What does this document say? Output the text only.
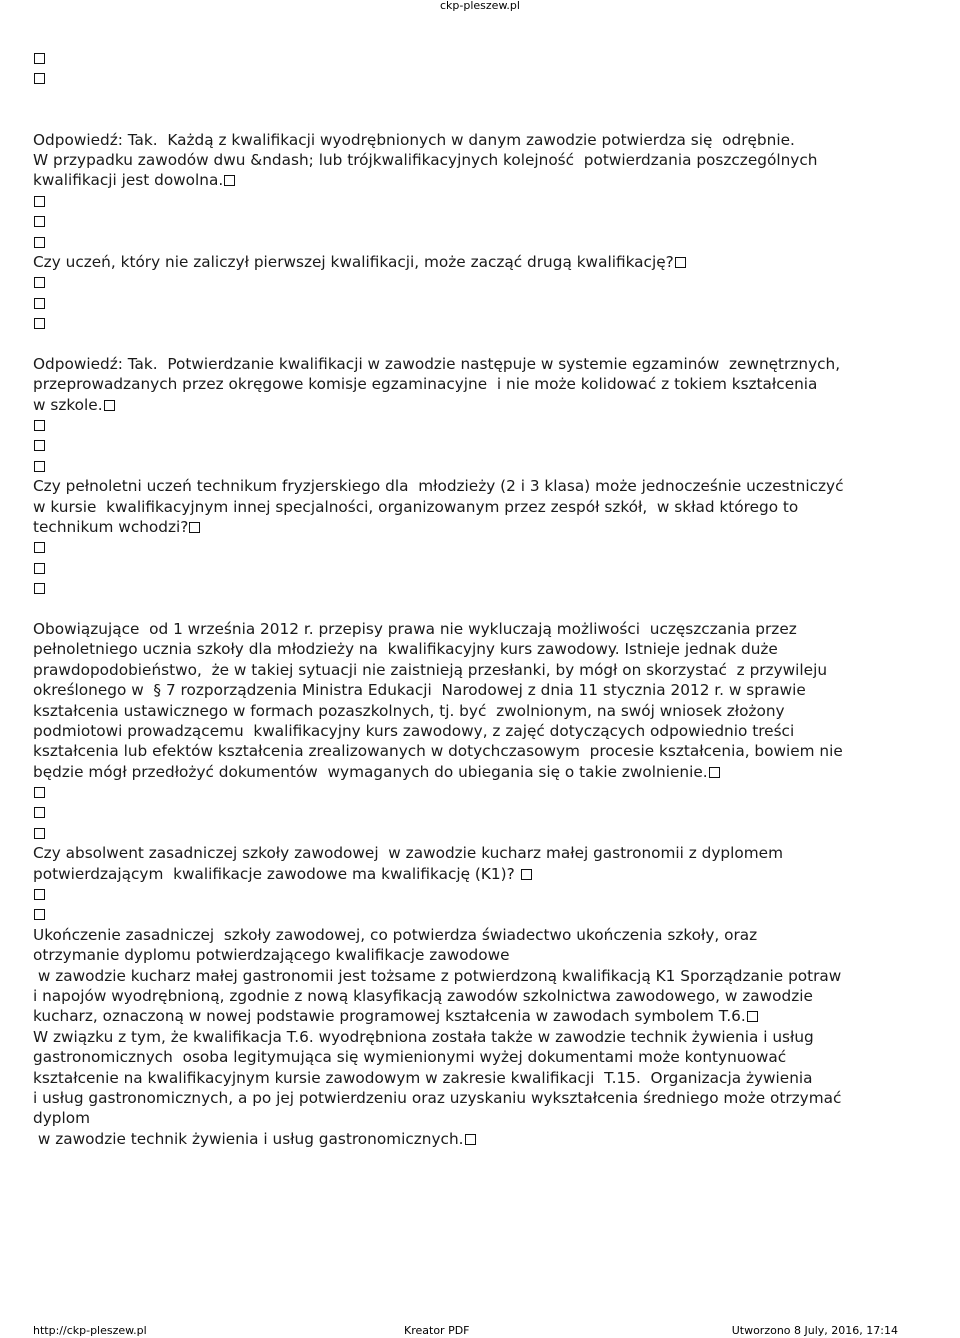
ckp-pleszew.pl
Odpowiedź: Tak.  Każdą z kwalifikacji wyodrębnionych w danym zawodzie potwierdza się  odrębnie.
W przypadku zawodów dwu &ndash; lub trójkwalifikacyjnych kolejność  potwierdzania poszczególnych
kwalifikacji jest dowolna.
Czy uczeń, który nie zaliczył pierwszej kwalifikacji, może zacząć drugą kwalifikację?
Odpowiedź: Tak.  Potwierdzanie kwalifikacji w zawodzie następuje w systemie egzaminów  zewnętrznych,
przeprowadzanych przez okręgowe komisje egzaminacyjne  i nie może kolidować z tokiem kształcenia
w szkole.
Czy pełnoletni uczeń technikum fryzjerskiego dla  młodzieży (2 i 3 klasa) może jednocześnie uczestniczyć
w kursie  kwalifikacyjnym innej specjalności, organizowanym przez zespół szkół,  w skład którego to
technikum wchodzi?
Obowiązujące  od 1 września 2012 r. przepisy prawa nie wykluczają możliwości  uczęszczania przez
pełnoletniego ucznia szkoły dla młodzieży na  kwalifikacyjny kurs zawodowy. Istnieje jednak duże
prawdopodobieństwo,  że w takiej sytuacji nie zaistnieją przesłanki, by mógł on skorzystać  z przywileju
określonego w  § 7 rozporządzenia Ministra Edukacji  Narodowej z dnia 11 stycznia 2012 r. w sprawie
kształcenia ustawicznego w formach pozaszkolnych, tj. być  zwolnionym, na swój wniosek złożony
podmiotowi prowadzącemu  kwalifikacyjny kurs zawodowy, z zajęć dotyczących odpowiednio treści
kształcenia lub efektów kształcenia zrealizowanych w dotychczasowym  procesie kształcenia, bowiem nie
będzie mógł przedłożyć dokumentów  wymaganych do ubiegania się o takie zwolnienie.
Czy absolwent zasadniczej szkoły zawodowej  w zawodzie kucharz małej gastronomii z dyplomem
potwierdzającym  kwalifikacje zawodowe ma kwalifikację (K1)?
Ukończenie zasadniczej  szkoły zawodowej, co potwierdza świadectwo ukończenia szkoły, oraz
otrzymanie dyplomu potwierdzającego kwalifikacje zawodowe
w zawodzie kucharz małej gastronomii jest tożsame z potwierdzoną kwalifikacją K1 Sporządzanie potraw
i napojów wyodrębnioną, zgodnie z nową klasyfikacją zawodów szkolnictwa zawodowego, w zawodzie
kucharz, oznaczoną w nowej podstawie programowej kształcenia w zawodach symbolem T.6.
W związku z tym, że kwalifikacja T.6. wyodrębniona została także w zawodzie technik żywienia i usług
gastronomicznych  osoba legitymująca się wymienionymi wyżej dokumentami może kontynuować
kształcenie na kwalifikacyjnym kursie zawodowym w zakresie kwalifikacji  T.15.  Organizacja żywienia
i usług gastronomicznych, a po jej potwierdzeniu oraz uzyskaniu wykształcenia średniego może otrzymać
dyplom
w zawodzie technik żywienia i usług gastronomicznych.
http://ckp-pleszew.pl	Kreator PDF	Utworzono 8 July, 2016, 17:14
